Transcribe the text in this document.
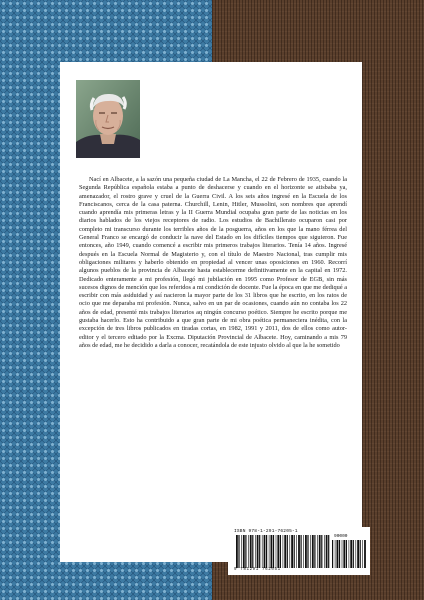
Nací en Albacete, a la sazón una pequeña ciudad de La Mancha, el 22 de Febrero de 1935, cuando la Segunda República española estaba a punto de deshacerse y cuando en el horizonte se atisbaba ya, amenazador, el rostro grave y cruel de la Guerra Civil. A los seis años ingresé en la Escuela de los Franciscanos, cerca de la casa paterna. Churchill, Lenin, Hitler, Mussolini, son nombres que aprendí cuando aprendía mis primeras letras y la II Guerra Mundial ocupaba gran parte de las noticias en los diarios hablados de los viejos receptores de radio. Los estudios de Bachillerato ocuparon casi por completo mi transcurso durante los terribles años de la posguerra, años en los que la mano férrea del General Franco se encargó de conducir la nave del Estado en los difíciles tiempos que siguieron. Fue entonces, año 1949, cuando comencé a escribir mis primeros trabajos literarios. Tenía 14 años. Ingresé después en la Escuela Normal de Magisterio y, con el título de Maestro Nacional, tras cumplir mis obligaciones militares y haberlo obtenido en propiedad al vencer unas oposiciones en 1960. Recorrí algunos pueblos de la provincia de Albacete hasta establecerme definitivamente en la capital en 1972. Dedicado enteramente a mi profesión, llegó mi jubilación en 1995 como Profesor de EGB, sin más sucesos dignos de mención que los referidos a mi condición de docente. Fue la época en que me dediqué a escribir con más asiduidad y así nacieron la mayor parte de los 31 libros que he escrito, en los ratos de ocio que me deparaba mi profesión. Nunca, salvo en un par de ocasiones, cuando aún no contaba los 22 años de edad, presenté mis trabajos literarios aq ningún concurso poético. Siempre he escrito porque me gustaba hacerlo. Esto ha contribuido a que gran parte de mi obra poética permaneciera inédita, con la excepción de tres libros publicados en tiradas cortas, en 1982, 1991 y 2011, dos de ellos como autor-editor y el tercero editado por la Excma. Diputación Provincial de Albacete. Hoy, caminando a mis 79 años de edad, me he decidido a darla a conocer, recatándola de este injusto olvido al que la he sometido

ISBN 978-1-291-76205-1
90000
9 781291 762051
